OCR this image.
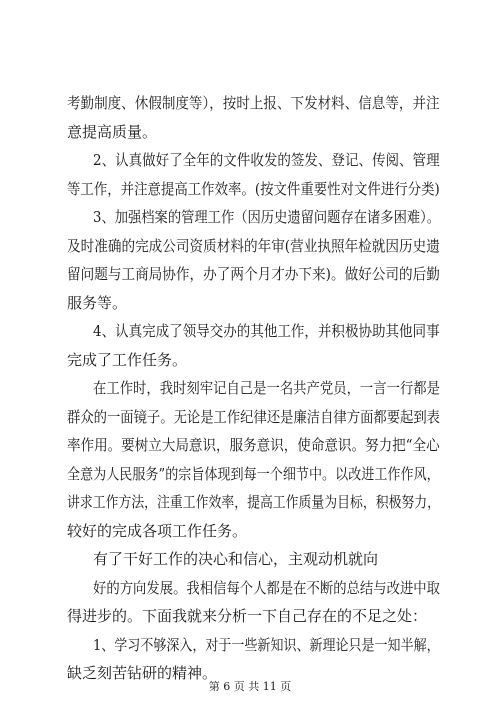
考勤制度、休假制度等），按时上报、下发材料、信息等，并注
意提高质量。
2、认真做好了全年的文件收发的签发、登记、传阅、管理
等工作，并注意提高工作效率。(按文件重要性对文件进行分类)
3、加强档案的管理工作（因历史遗留问题存在诸多困难）。
及时准确的完成公司资质材料的年审(营业执照年检就因历史遗
留问题与工商局协作，办了两个月才办下来)。做好公司的后勤
服务等。
4、认真完成了领导交办的其他工作，并积极协助其他同事
完成了工作任务。
在工作时，我时刻牢记自己是一名共产党员，一言一行都是
群众的一面镜子。无论是工作纪律还是廉洁自律方面都要起到表
率作用。要树立大局意识，服务意识，使命意识。努力把“全心
全意为人民服务”的宗旨体现到每一个细节中。以改进工作作风，
讲求工作方法，注重工作效率，提高工作质量为目标，积极努力，
较好的完成各项工作任务。
有了干好工作的决心和信心，主观动机就向
好的方向发展。我相信每个人都是在不断的总结与改进中取
得进步的。下面我就来分析一下自己存在的不足之处：
1、学习不够深入，对于一些新知识、新理论只是一知半解，
缺乏刻苦钻研的精神。
第 6 页 共 11 页
